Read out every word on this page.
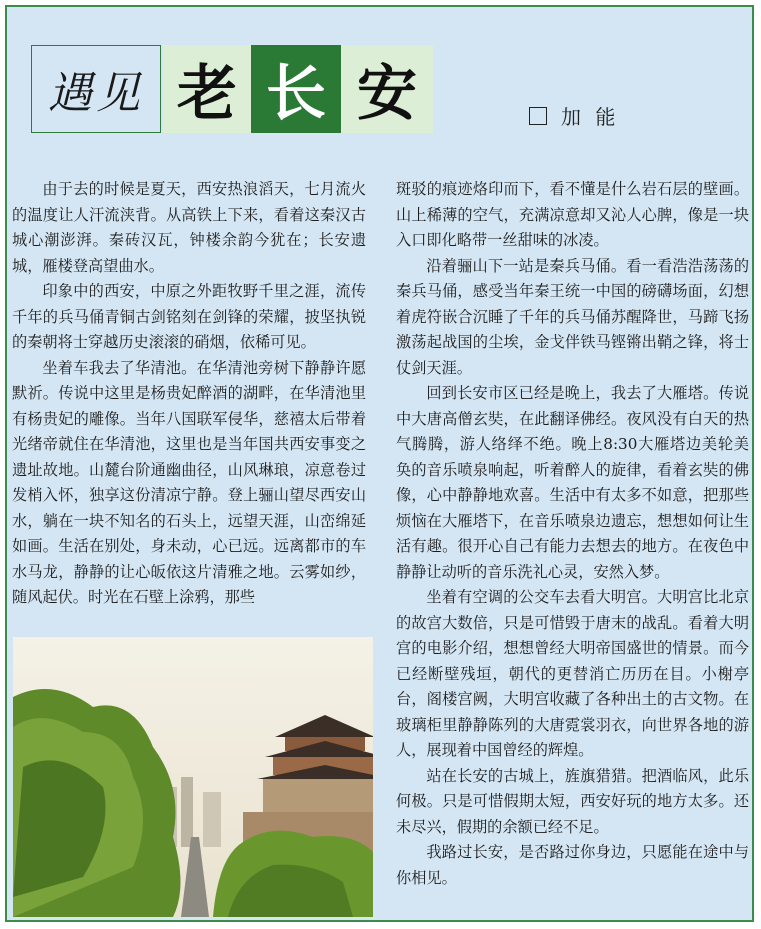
遇见 老 长 安	加 能

由于去的时候是夏天，西安热浪滔天，七月流火的温度让人汗流浃背。从高铁上下来，看着这秦汉古城心潮澎湃。秦砖汉瓦，钟楼余韵今犹在；长安遗城，雁楼登高望曲水。

印象中的西安，中原之外距牧野千里之涯，流传千年的兵马俑青铜古剑铭刻在剑锋的荣耀，披坚执锐的秦朝将士穿越历史滚滚的硝烟，依稀可见。

坐着车我去了华清池。在华清池旁树下静静许愿默祈。传说中这里是杨贵妃醉酒的湖畔，在华清池里有杨贵妃的雕像。当年八国联军侵华，慈禧太后带着光绪帝就住在华清池，这里也是当年国共西安事变之遗址故地。山麓台阶通幽曲径，山风琳琅，凉意卷过发梢入怀，独享这份清凉宁静。登上骊山望尽西安山水，躺在一块不知名的石头上，远望天涯，山峦绵延如画。生活在别处，身未动，心已远。远离都市的车水马龙，静静的让心皈依这片清雅之地。云雾如纱，随风起伏。时光在石壁上涂鸦，那些

斑驳的痕迹烙印而下，看不懂是什么岩石层的壁画。山上稀薄的空气，充满凉意却又沁人心脾，像是一块入口即化略带一丝甜味的冰凌。

沿着骊山下一站是秦兵马俑。看一看浩浩荡荡的秦兵马俑，感受当年秦王统一中国的磅礴场面，幻想着虎符嵌合沉睡了千年的兵马俑苏醒降世，马蹄飞扬激荡起战国的尘埃，金戈伴铁马铿锵出鞘之锋，将士仗剑天涯。

回到长安市区已经是晚上，我去了大雁塔。传说中大唐高僧玄奘，在此翻译佛经。夜风没有白天的热气腾腾，游人络绎不绝。晚上8:30大雁塔边美轮美奂的音乐喷泉响起，听着醉人的旋律，看着玄奘的佛像，心中静静地欢喜。生活中有太多不如意，把那些烦恼在大雁塔下，在音乐喷泉边遗忘，想想如何让生活有趣。很开心自己有能力去想去的地方。在夜色中静静让动听的音乐洗礼心灵，安然入梦。

坐着有空调的公交车去看大明宫。大明宫比北京的故宫大数倍，只是可惜毁于唐末的战乱。看着大明宫的电影介绍，想想曾经大明帝国盛世的情景。而今已经断壁残垣，朝代的更替消亡历历在目。小榭亭台，阁楼宫阙，大明宫收藏了各种出土的古文物。在玻璃柜里静静陈列的大唐霓裳羽衣，向世界各地的游人，展现着中国曾经的辉煌。

站在长安的古城上，旌旗猎猎。把酒临风，此乐何极。只是可惜假期太短，西安好玩的地方太多。还未尽兴，假期的余额已经不足。

我路过长安，是否路过你身边，只愿能在途中与你相见。
